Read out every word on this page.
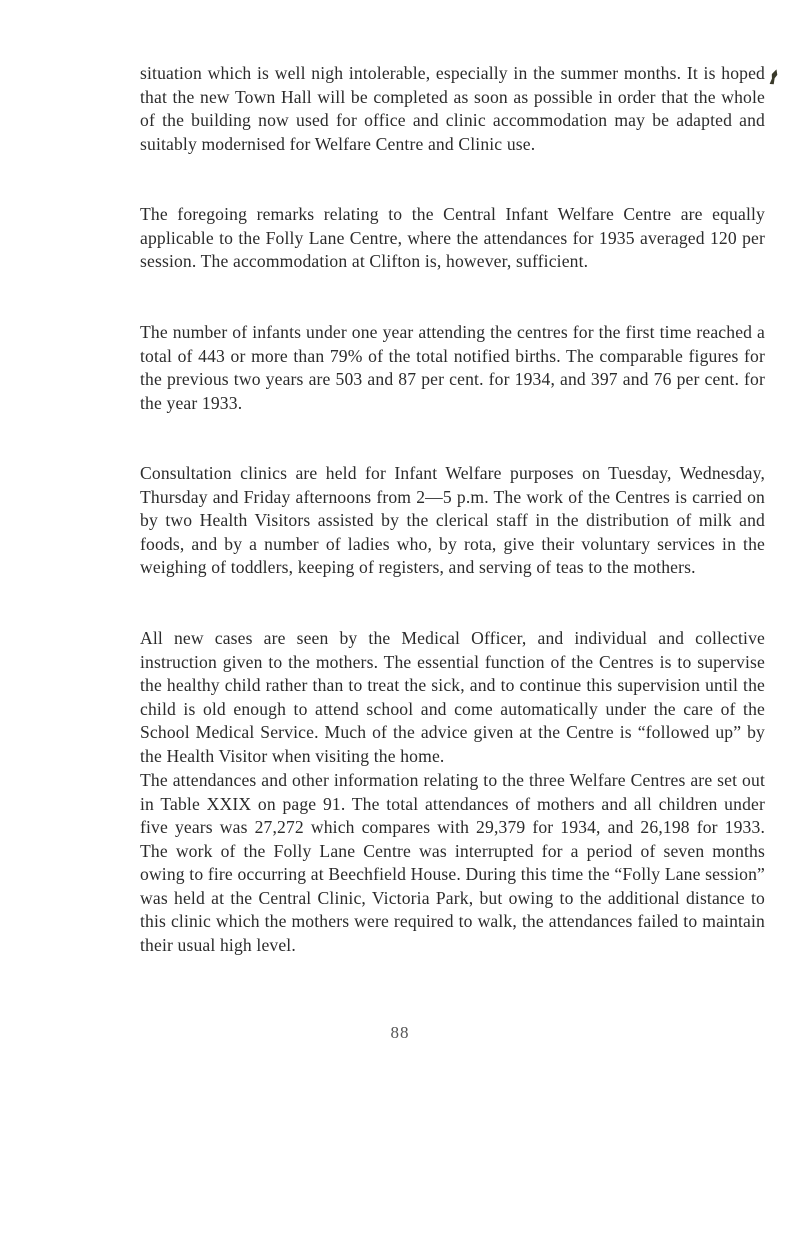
situation which is well nigh intolerable, especially in the summer months. It is hoped that the new Town Hall will be completed as soon as possible in order that the whole of the building now used for office and clinic accommodation may be adapted and suitably modernised for Welfare Centre and Clinic use.

The foregoing remarks relating to the Central Infant Welfare Centre are equally applicable to the Folly Lane Centre, where the attendances for 1935 averaged 120 per session. The accommodation at Clifton is, however, sufficient.

The number of infants under one year attending the centres for the first time reached a total of 443 or more than 79% of the total notified births. The comparable figures for the previous two years are 503 and 87 per cent. for 1934, and 397 and 76 per cent. for the year 1933.

Consultation clinics are held for Infant Welfare purposes on Tuesday, Wednesday, Thursday and Friday afternoons from 2—5 p.m. The work of the Centres is carried on by two Health Visitors assisted by the clerical staff in the distribution of milk and foods, and by a number of ladies who, by rota, give their voluntary services in the weighing of toddlers, keeping of registers, and serving of teas to the mothers.

All new cases are seen by the Medical Officer, and individual and collective instruction given to the mothers. The essential function of the Centres is to supervise the healthy child rather than to treat the sick, and to continue this supervision until the child is old enough to attend school and come automatically under the care of the School Medical Service. Much of the advice given at the Centre is “followed up” by the Health Visitor when visiting the home.

The attendances and other information relating to the three Welfare Centres are set out in Table XXIX on page 91. The total attendances of mothers and all children under five years was 27,272 which compares with 29,379 for 1934, and 26,198 for 1933. The work of the Folly Lane Centre was interrupted for a period of seven months owing to fire occurring at Beechfield House. During this time the “Folly Lane session” was held at the Central Clinic, Victoria Park, but owing to the additional distance to this clinic which the mothers were required to walk, the attendances failed to maintain their usual high level.

88
